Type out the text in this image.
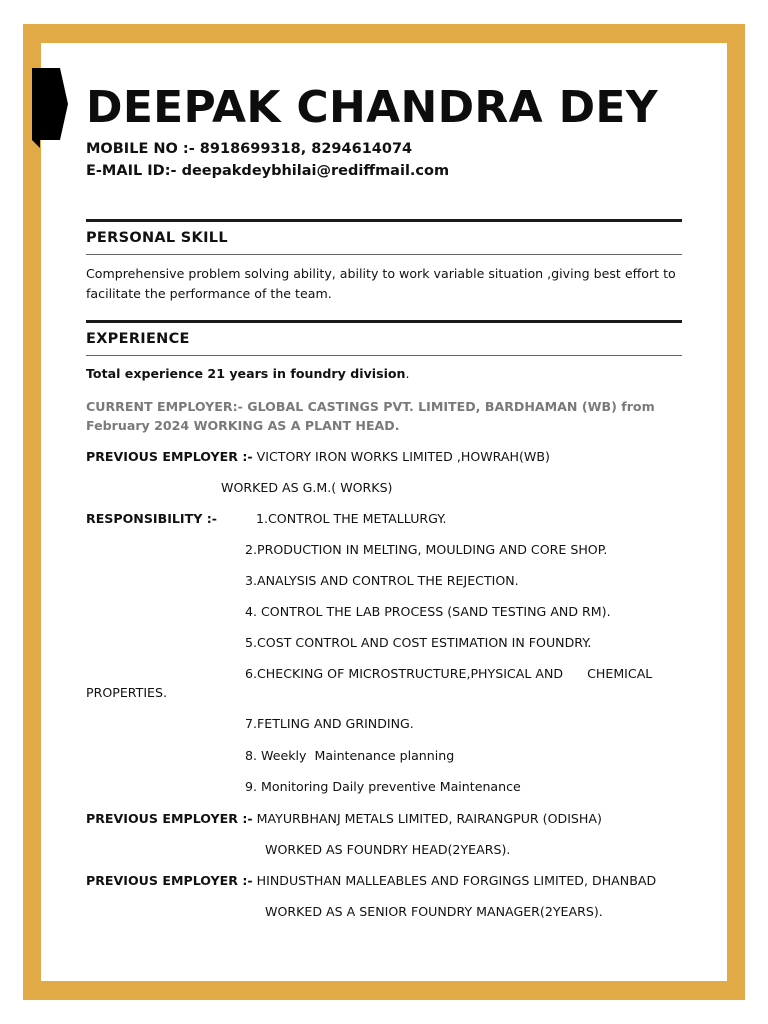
DEEPAK CHANDRA DEY
MOBILE NO :- 8918699318, 8294614074
E-MAIL ID:- deepakdeybhilai@rediffmail.com
PERSONAL SKILL
Comprehensive problem solving ability, ability to work variable situation ,giving best effort to facilitate the performance of the team.
EXPERIENCE
Total experience 21 years in foundry division.
CURRENT EMPLOYER:- GLOBAL CASTINGS PVT. LIMITED, BARDHAMAN (WB) from February 2024 WORKING AS A PLANT HEAD.
PREVIOUS EMPLOYER :- VICTORY IRON WORKS LIMITED ,HOWRAH(WB)
WORKED AS G.M.( WORKS)
RESPONSIBILITY :-	1.CONTROL THE METALLURGY.
2.PRODUCTION IN MELTING, MOULDING AND CORE SHOP.
3.ANALYSIS AND CONTROL THE REJECTION.
4. CONTROL THE LAB PROCESS (SAND TESTING AND RM).
5.COST CONTROL AND COST ESTIMATION IN FOUNDRY.
6.CHECKING OF MICROSTRUCTURE,PHYSICAL AND      CHEMICAL
PROPERTIES.
7.FETLING AND GRINDING.
8. Weekly  Maintenance planning
9. Monitoring Daily preventive Maintenance
PREVIOUS EMPLOYER :- MAYURBHANJ METALS LIMITED, RAIRANGPUR (ODISHA)
WORKED AS FOUNDRY HEAD(2YEARS).
PREVIOUS EMPLOYER :- HINDUSTHAN MALLEABLES AND FORGINGS LIMITED, DHANBAD
WORKED AS A SENIOR FOUNDRY MANAGER(2YEARS).
